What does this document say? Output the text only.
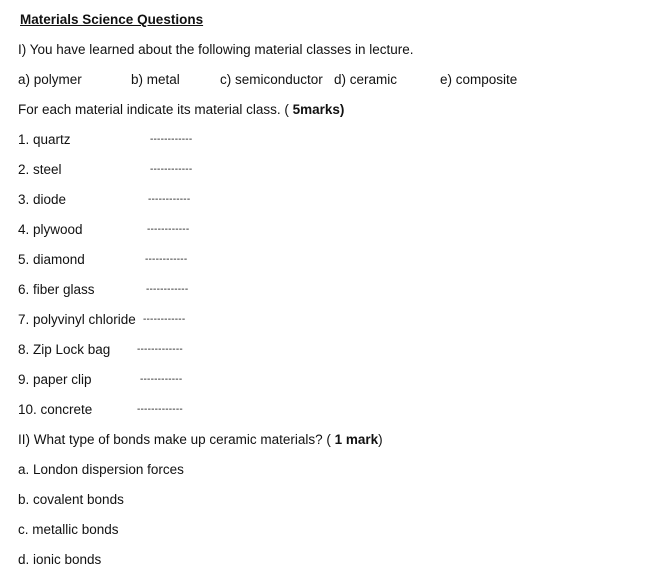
Materials Science Questions
I) You have learned about the following material classes in lecture.
a) polymer	b) metal	c) semiconductor d) ceramic	e) composite
For each material indicate its material class. ( 5marks)
1. quartz	------------
2. steel	------------
3. diode	------------
4. plywood	------------
5. diamond	------------
6. fiber glass	------------
7. polyvinyl chloride ------------
8. Zip Lock bag	-------------
9. paper clip	------------
10. concrete	-------------
II) What type of bonds make up ceramic materials? ( 1 mark)
a. London dispersion forces
b. covalent bonds
c. metallic bonds
d. ionic bonds
